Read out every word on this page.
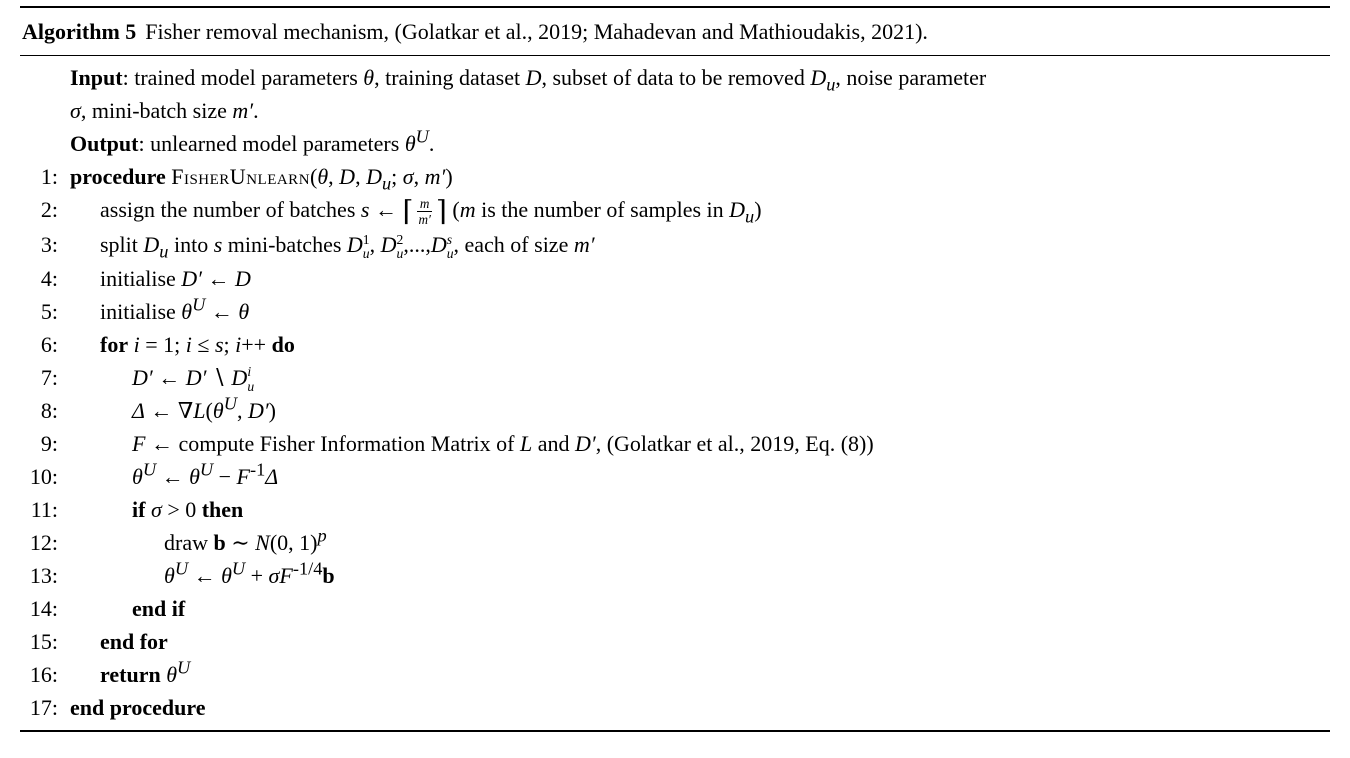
Algorithm 5 Fisher removal mechanism, (Golatkar et al., 2019; Mahadevan and Mathioudakis, 2021).
Input: trained model parameters θ, training dataset D, subset of data to be removed $D_u$, noise parameter
σ, mini-batch size m′.
Output: unlearned model parameters $\theta^U$.
1: procedure FisherUnlearn(θ, D, $D_u$; σ, m′)
2:	assign the number of batches s ← ⌈ $\frac{m}{m'}$ ⌉ (m is the number of samples in $D_u$)
3:	split $D_u$ into s mini-batches D 1
u , D 2
u ,...,D s
u , each of size m′
4:	initialise D′ ← D
5:	initialise $\theta^U$ ← θ
6:	for i = 1; i ≤ s; i++ do
7:	D′ ← D′ ∖ D i
u
8:	Δ ← $\nabla L(\theta^U$, D′)
9:	F ← compute Fisher Information Matrix of L and D′, (Golatkar et al., 2019, Eq. (8))
10:	$\theta^U$ ← $\theta^U - F^{-1}\Delta$
11:	if σ > 0 then
12:	draw b ∼ N(0, 1)$^p$
13:	$\theta^U$ ← $\theta^U + \sigma F^{-1/4}b$
14:	end if
15:	end for
16:	return $\theta^U$
17: end procedure
